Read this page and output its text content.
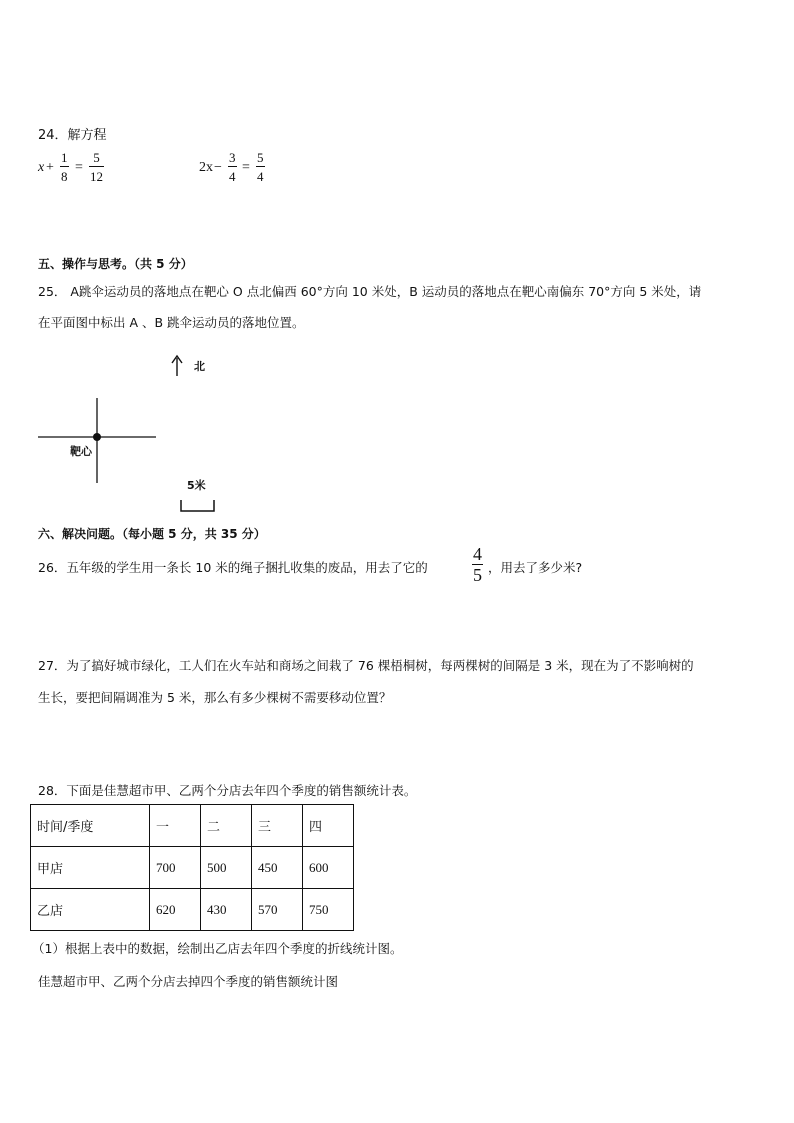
24．解方程
x +
1
8
=
5
12
2x −
3
4
=
5
4
五、操作与思考。（共 5 分）
25． A跳伞运动员的落地点在靶心 O 点北偏西 60°方向 10 米处，B 运动员的落地点在靶心南偏东 70°方向 5 米处，请
在平面图中标出 A 、B 跳伞运动员的落地位置。
北
靶心
5米
六、解决问题。（每小题 5 分，共 35 分）
26．五年级的学生用一条长 10 米的绳子捆扎收集的废品，用去了它的
4
5 ，用去了多少米?
27．为了搞好城市绿化，工人们在火车站和商场之间栽了 76 棵梧桐树，每两棵树的间隔是 3 米，现在为了不影响树的
生长，要把间隔调准为 5 米，那么有多少棵树不需要移动位置？
28．下面是佳慧超市甲、乙两个分店去年四个季度的销售额统计表。
时间/季度	一	二	三	四
甲店	700	500	450	600
乙店	620	430	570	750
（1）根据上表中的数据，绘制出乙店去年四个季度的折线统计图。
佳慧超市甲、乙两个分店去掉四个季度的销售额统计图
